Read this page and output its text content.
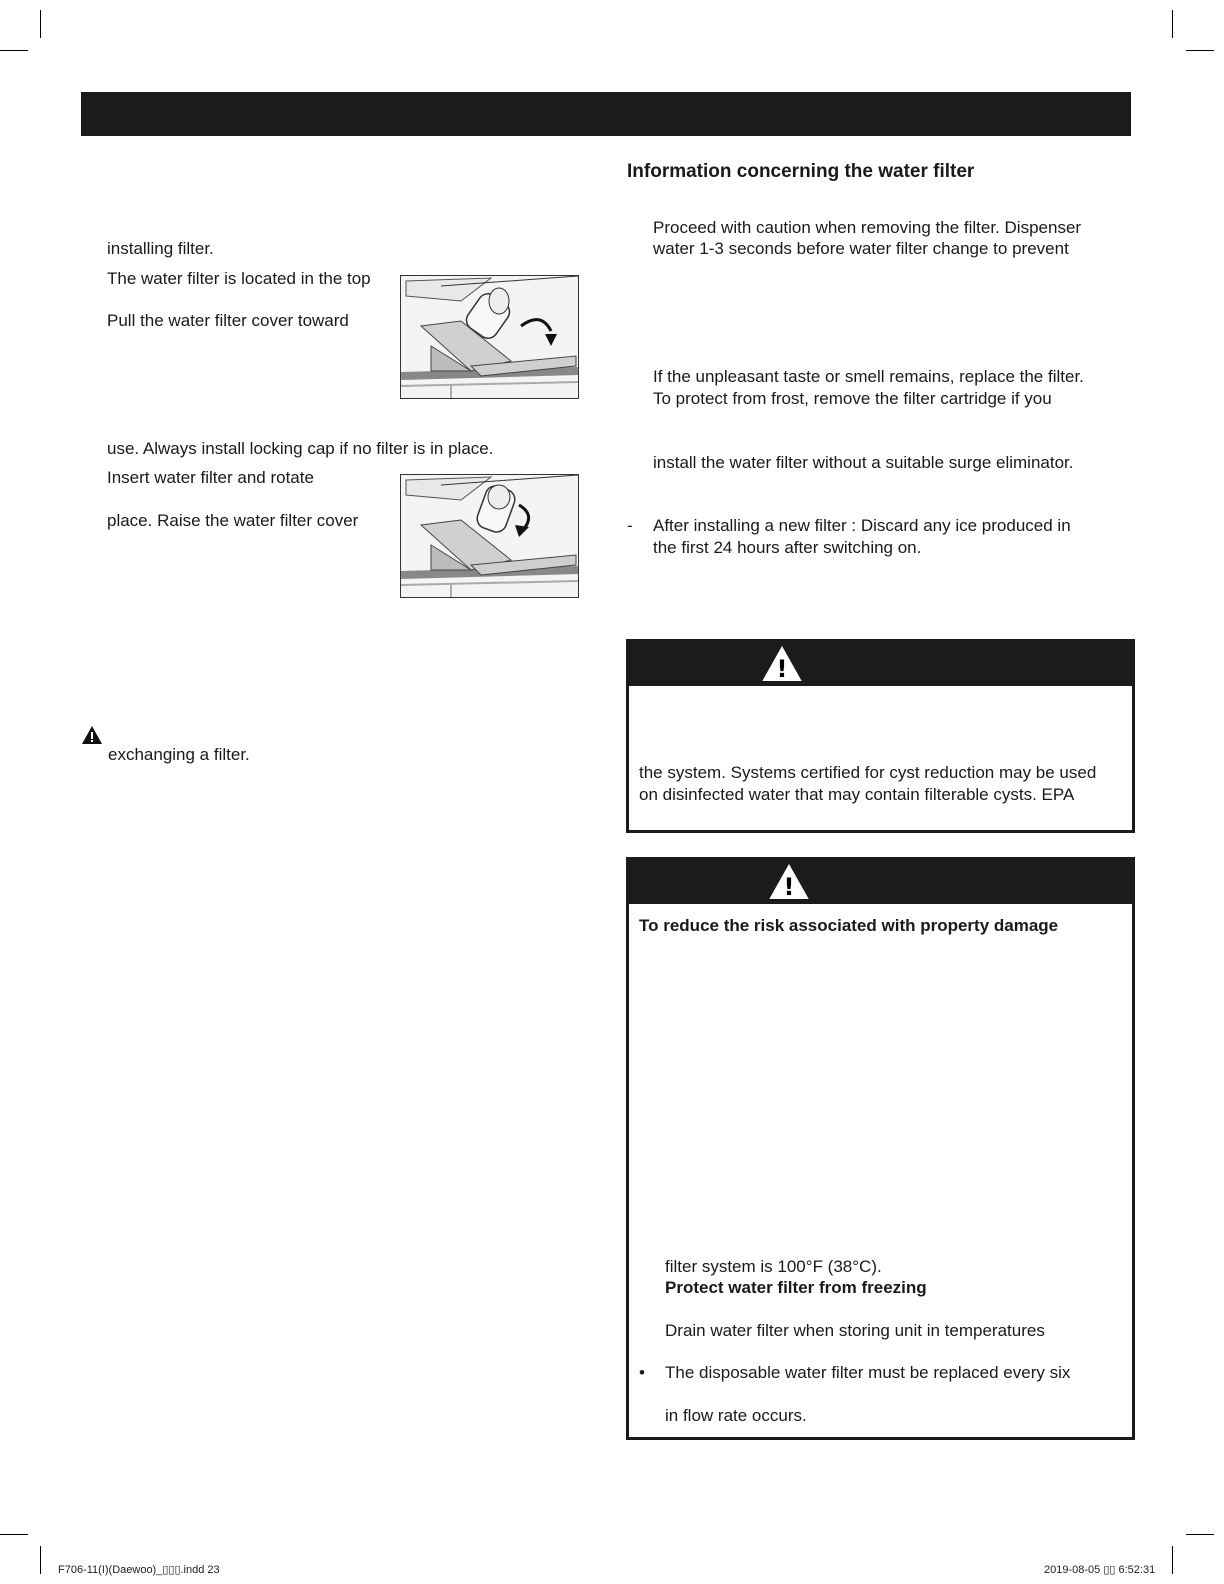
installing filter.
The water filter is located in the top
Pull the water filter cover toward
use. Always install locking cap if no filter is in place.
Insert water filter and rotate
place. Raise the water filter cover
exchanging a filter.
Information concerning the water filter
Proceed with caution when removing the filter. Dispenser
water 1-3 seconds before water filter change to prevent
If the unpleasant taste or smell remains, replace the filter.
To protect from frost, remove the filter cartridge if you
install the water filter without a suitable surge eliminator.
- After installing a new filter : Discard any ice produced in
the first 24 hours after switching on.
!
the system. Systems certified for cyst reduction may be used
on disinfected water that may contain filterable cysts. EPA
!
To reduce the risk associated with property damage
filter system is 100°F (38°C).
Protect water filter from freezing
Drain water filter when storing unit in temperatures
• The disposable water filter must be replaced every six
in flow rate occurs.
F706-11(I)(Daewoo)_▯▯▯.indd 23	2019-08-05 ▯▯ 6:52:31
